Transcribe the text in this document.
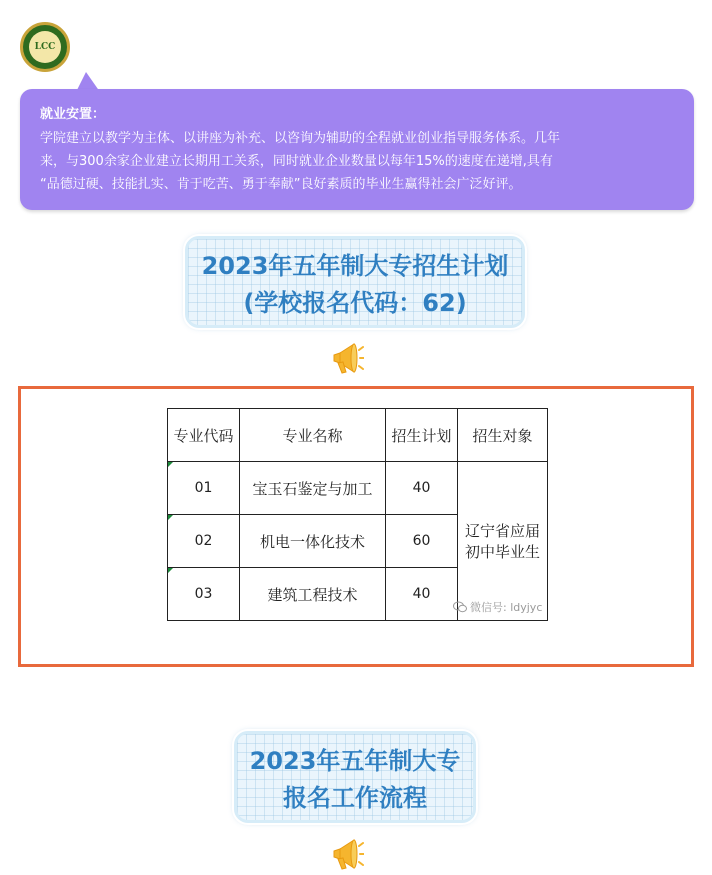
LCC
就业安置：
学院建立以教学为主体、以讲座为补充、以咨询为辅助的全程就业创业指导服务体系。几年
来，与300余家企业建立长期用工关系，同时就业企业数量以每年15%的速度在递增,具有
“品德过硬、技能扎实、肯于吃苦、勇于奉献”良好素质的毕业生赢得社会广泛好评。
2023年五年制大专招生计划
(学校报名代码：62)
专业代码	专业名称	招生计划	招生对象

01	宝玉石鉴定与加工	40	辽宁省应届
初中毕业生

02	机电一体化技术	60	

03	建筑工程技术	40	
微信号: ldyjyc
2023年五年制大专
报名工作流程
